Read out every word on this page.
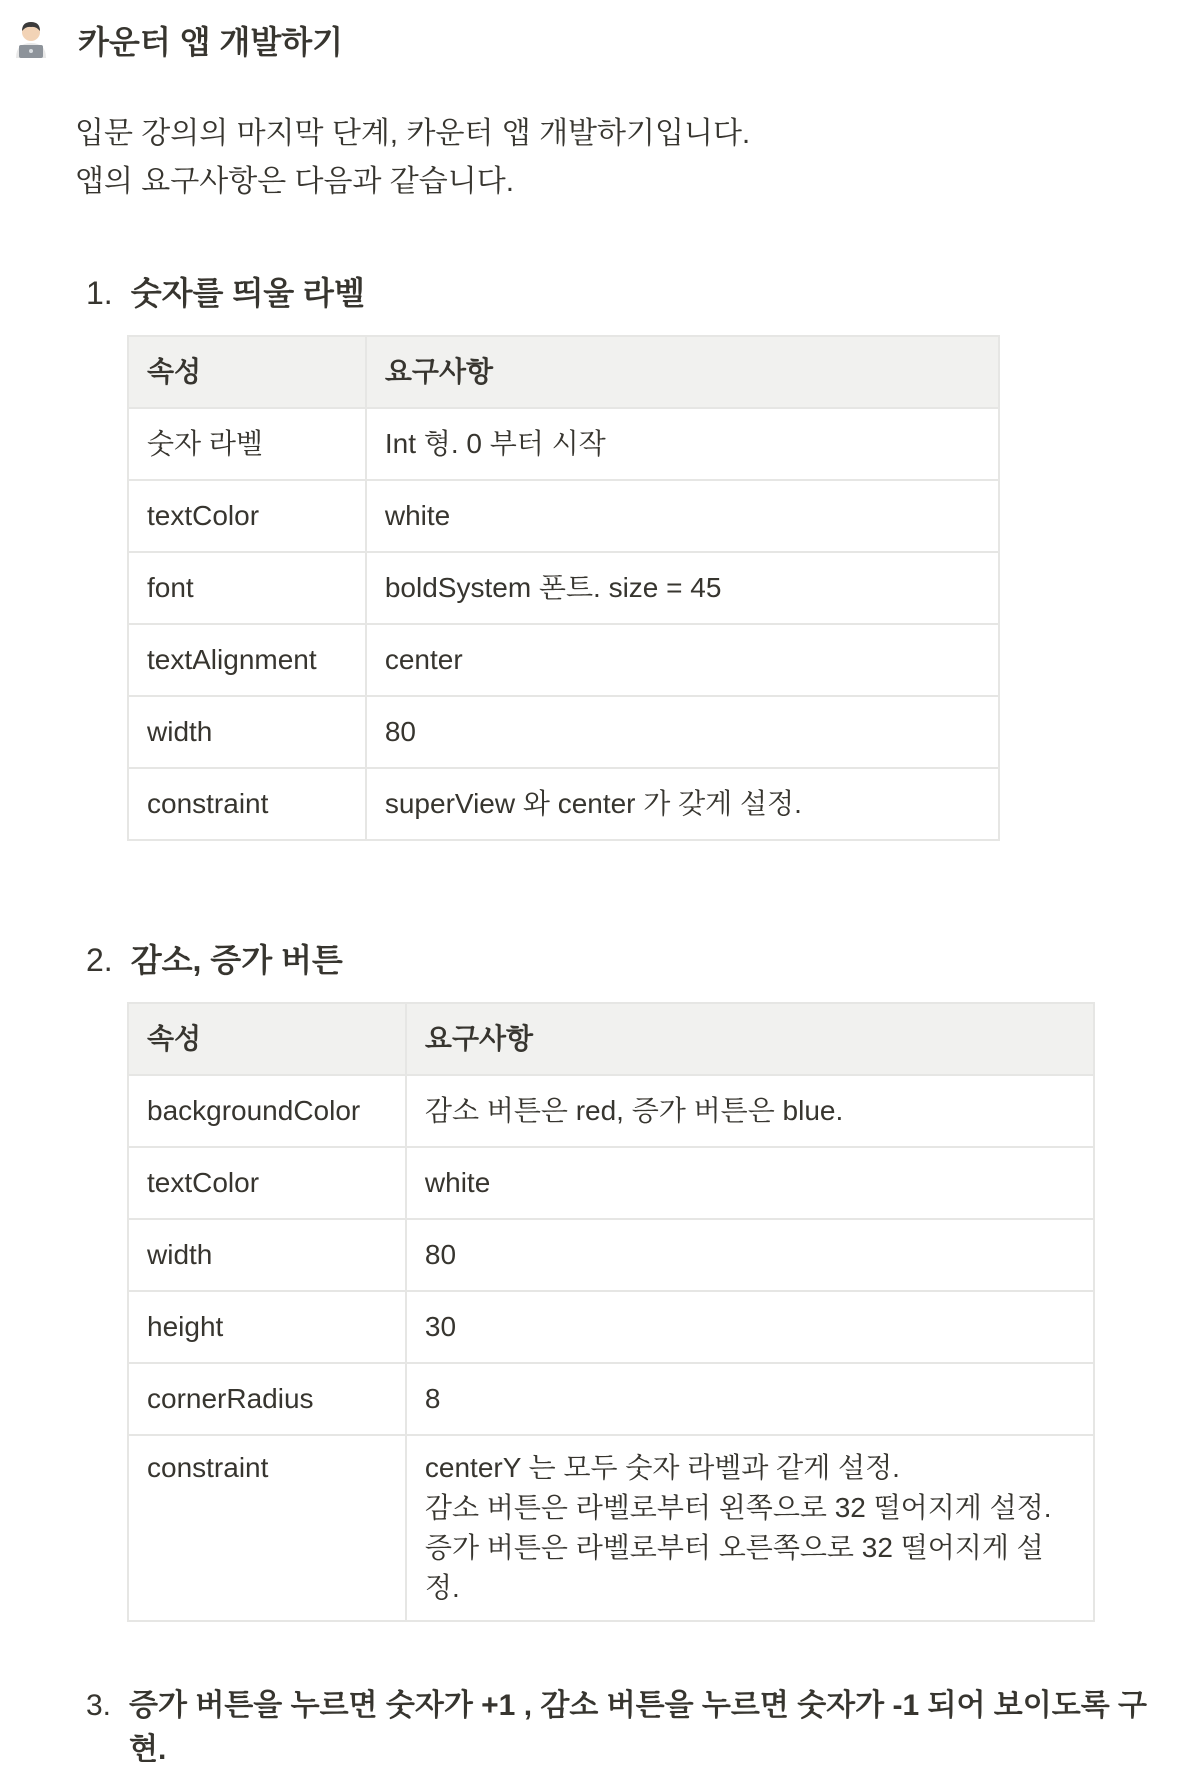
카운터 앱 개발하기

입문 강의의 마지막 단계, 카운터 앱 개발하기입니다.

앱의 요구사항은 다음과 같습니다.

1. 숫자를 띄울 라벨
속성	요구사항
숫자 라벨	Int 형. 0 부터 시작
textColor	white
font	boldSystem 폰트. size = 45
textAlignment	center
width	80
constraint	superView 와 center 가 갖게 설정.
2. 감소, 증가 버튼
속성	요구사항
backgroundColor	감소 버튼은 red, 증가 버튼은 blue.
textColor	white
width	80
height	30
cornerRadius	8
constraint	centerY 는 모두 숫자 라벨과 같게 설정.
감소 버튼은 라벨로부터 왼쪽으로 32 떨어지게 설정.
증가 버튼은 라벨로부터 오른쪽으로 32 떨어지게 설정.
3. 증가 버튼을 누르면 숫자가 +1 , 감소 버튼을 누르면 숫자가 -1 되어 보이도록 구현.
